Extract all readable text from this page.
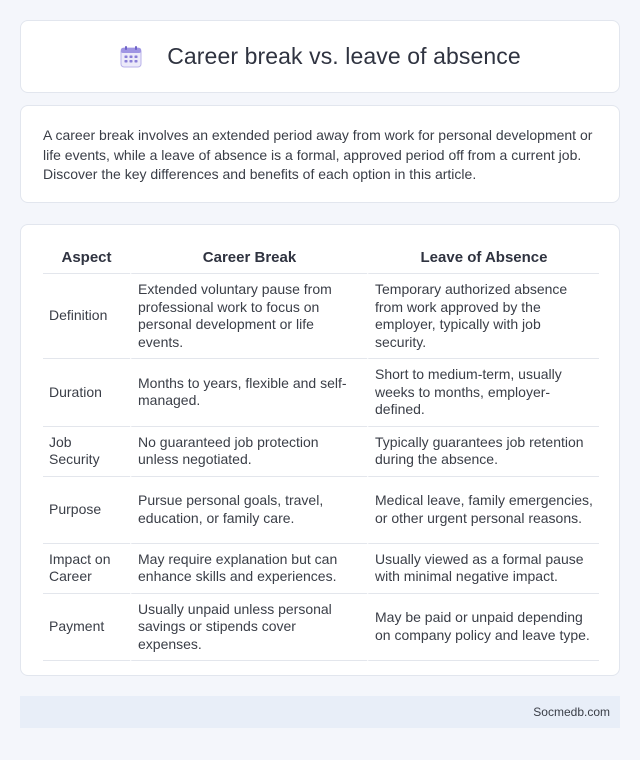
Career break vs. leave of absence

A career break involves an extended period away from work for personal development or life events, while a leave of absence is a formal, approved period off from a current job. Discover the key differences and benefits of each option in this article.

Aspect	Career Break	Leave of Absence
Definition	Extended voluntary pause from professional work to focus on personal development or life events.	Temporary authorized absence from work approved by the employer, typically with job security.
Duration	Months to years, flexible and self-managed.	Short to medium-term, usually weeks to months, employer-defined.
Job Security	No guaranteed job protection unless negotiated.	Typically guarantees job retention during the absence.
Purpose	Pursue personal goals, travel, education, or family care.	Medical leave, family emergencies, or other urgent personal reasons.
Impact on Career	May require explanation but can enhance skills and experiences.	Usually viewed as a formal pause with minimal negative impact.
Payment	Usually unpaid unless personal savings or stipends cover expenses.	May be paid or unpaid depending on company policy and leave type.
Socmedb.com
